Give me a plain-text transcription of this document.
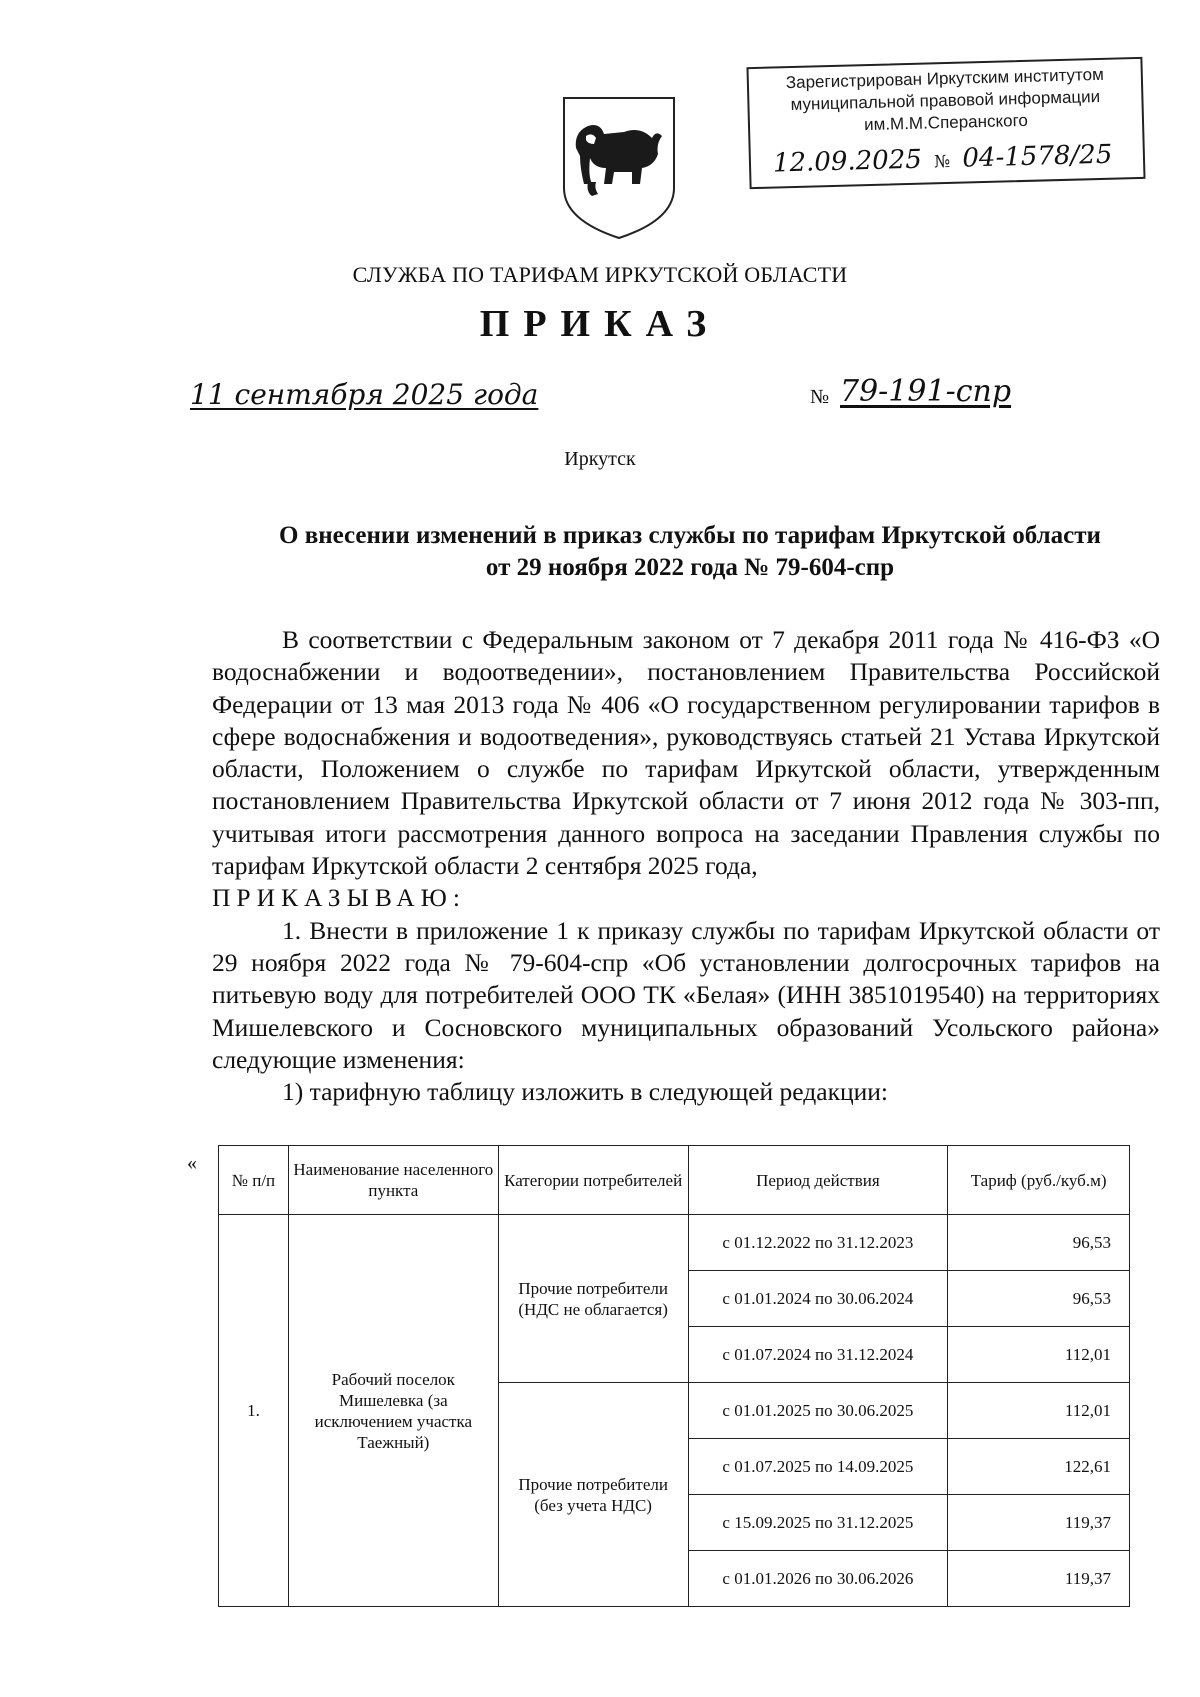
Зарегистрирован Иркутским институтом
муниципальной правовой информации
им.М.М.Сперанского
12.09.2025 № 04-1578/25
СЛУЖБА ПО ТАРИФАМ ИРКУТСКОЙ ОБЛАСТИ
ПРИКАЗ
11 сентября 2025 года	№ 79-191-спр
Иркутск
О внесении изменений в приказ службы по тарифам Иркутской области
от 29 ноября 2022 года № 79-604-спр

В соответствии с Федеральным законом от 7 декабря 2011 года № 416-ФЗ «О водоснабжении и водоотведении», постановлением Правительства Российской Федерации от 13 мая 2013 года № 406 «О государственном регулировании тарифов в сфере водоснабжения и водоотведения», руководствуясь статьей 21 Устава Иркутской области, Положением о службе по тарифам Иркутской области, утвержденным постановлением Правительства Иркутской области от 7 июня 2012 года № 303-пп, учитывая итоги рассмотрения данного вопроса на заседании Правления службы по тарифам Иркутской области 2 сентября 2025 года,

ПРИКАЗЫВАЮ:

1. Внести в приложение 1 к приказу службы по тарифам Иркутской области от 29 ноября 2022 года № 79-604-спр «Об установлении долгосрочных тарифов на питьевую воду для потребителей ООО ТК «Белая» (ИНН 3851019540) на территориях Мишелевского и Сосновского муниципальных образований Усольского района» следующие изменения:

1) тарифную таблицу изложить в следующей редакции:

«
№ п/п	Наименование населенного пункта	Категории потребителей	Период действия	Тариф (руб./куб.м)
1.	Рабочий поселок Мишелевка (за исключением участка Таежный)	Прочие потребители (НДС не облагается)	с 01.12.2022 по 31.12.2023	96,53
			с 01.01.2024 по 30.06.2024	96,53
			с 01.07.2024 по 31.12.2024	112,01
		Прочие потребители (без учета НДС)	с 01.01.2025 по 30.06.2025	112,01
			с 01.07.2025 по 14.09.2025	122,61
			с 15.09.2025 по 31.12.2025	119,37
			с 01.01.2026 по 30.06.2026	119,37
